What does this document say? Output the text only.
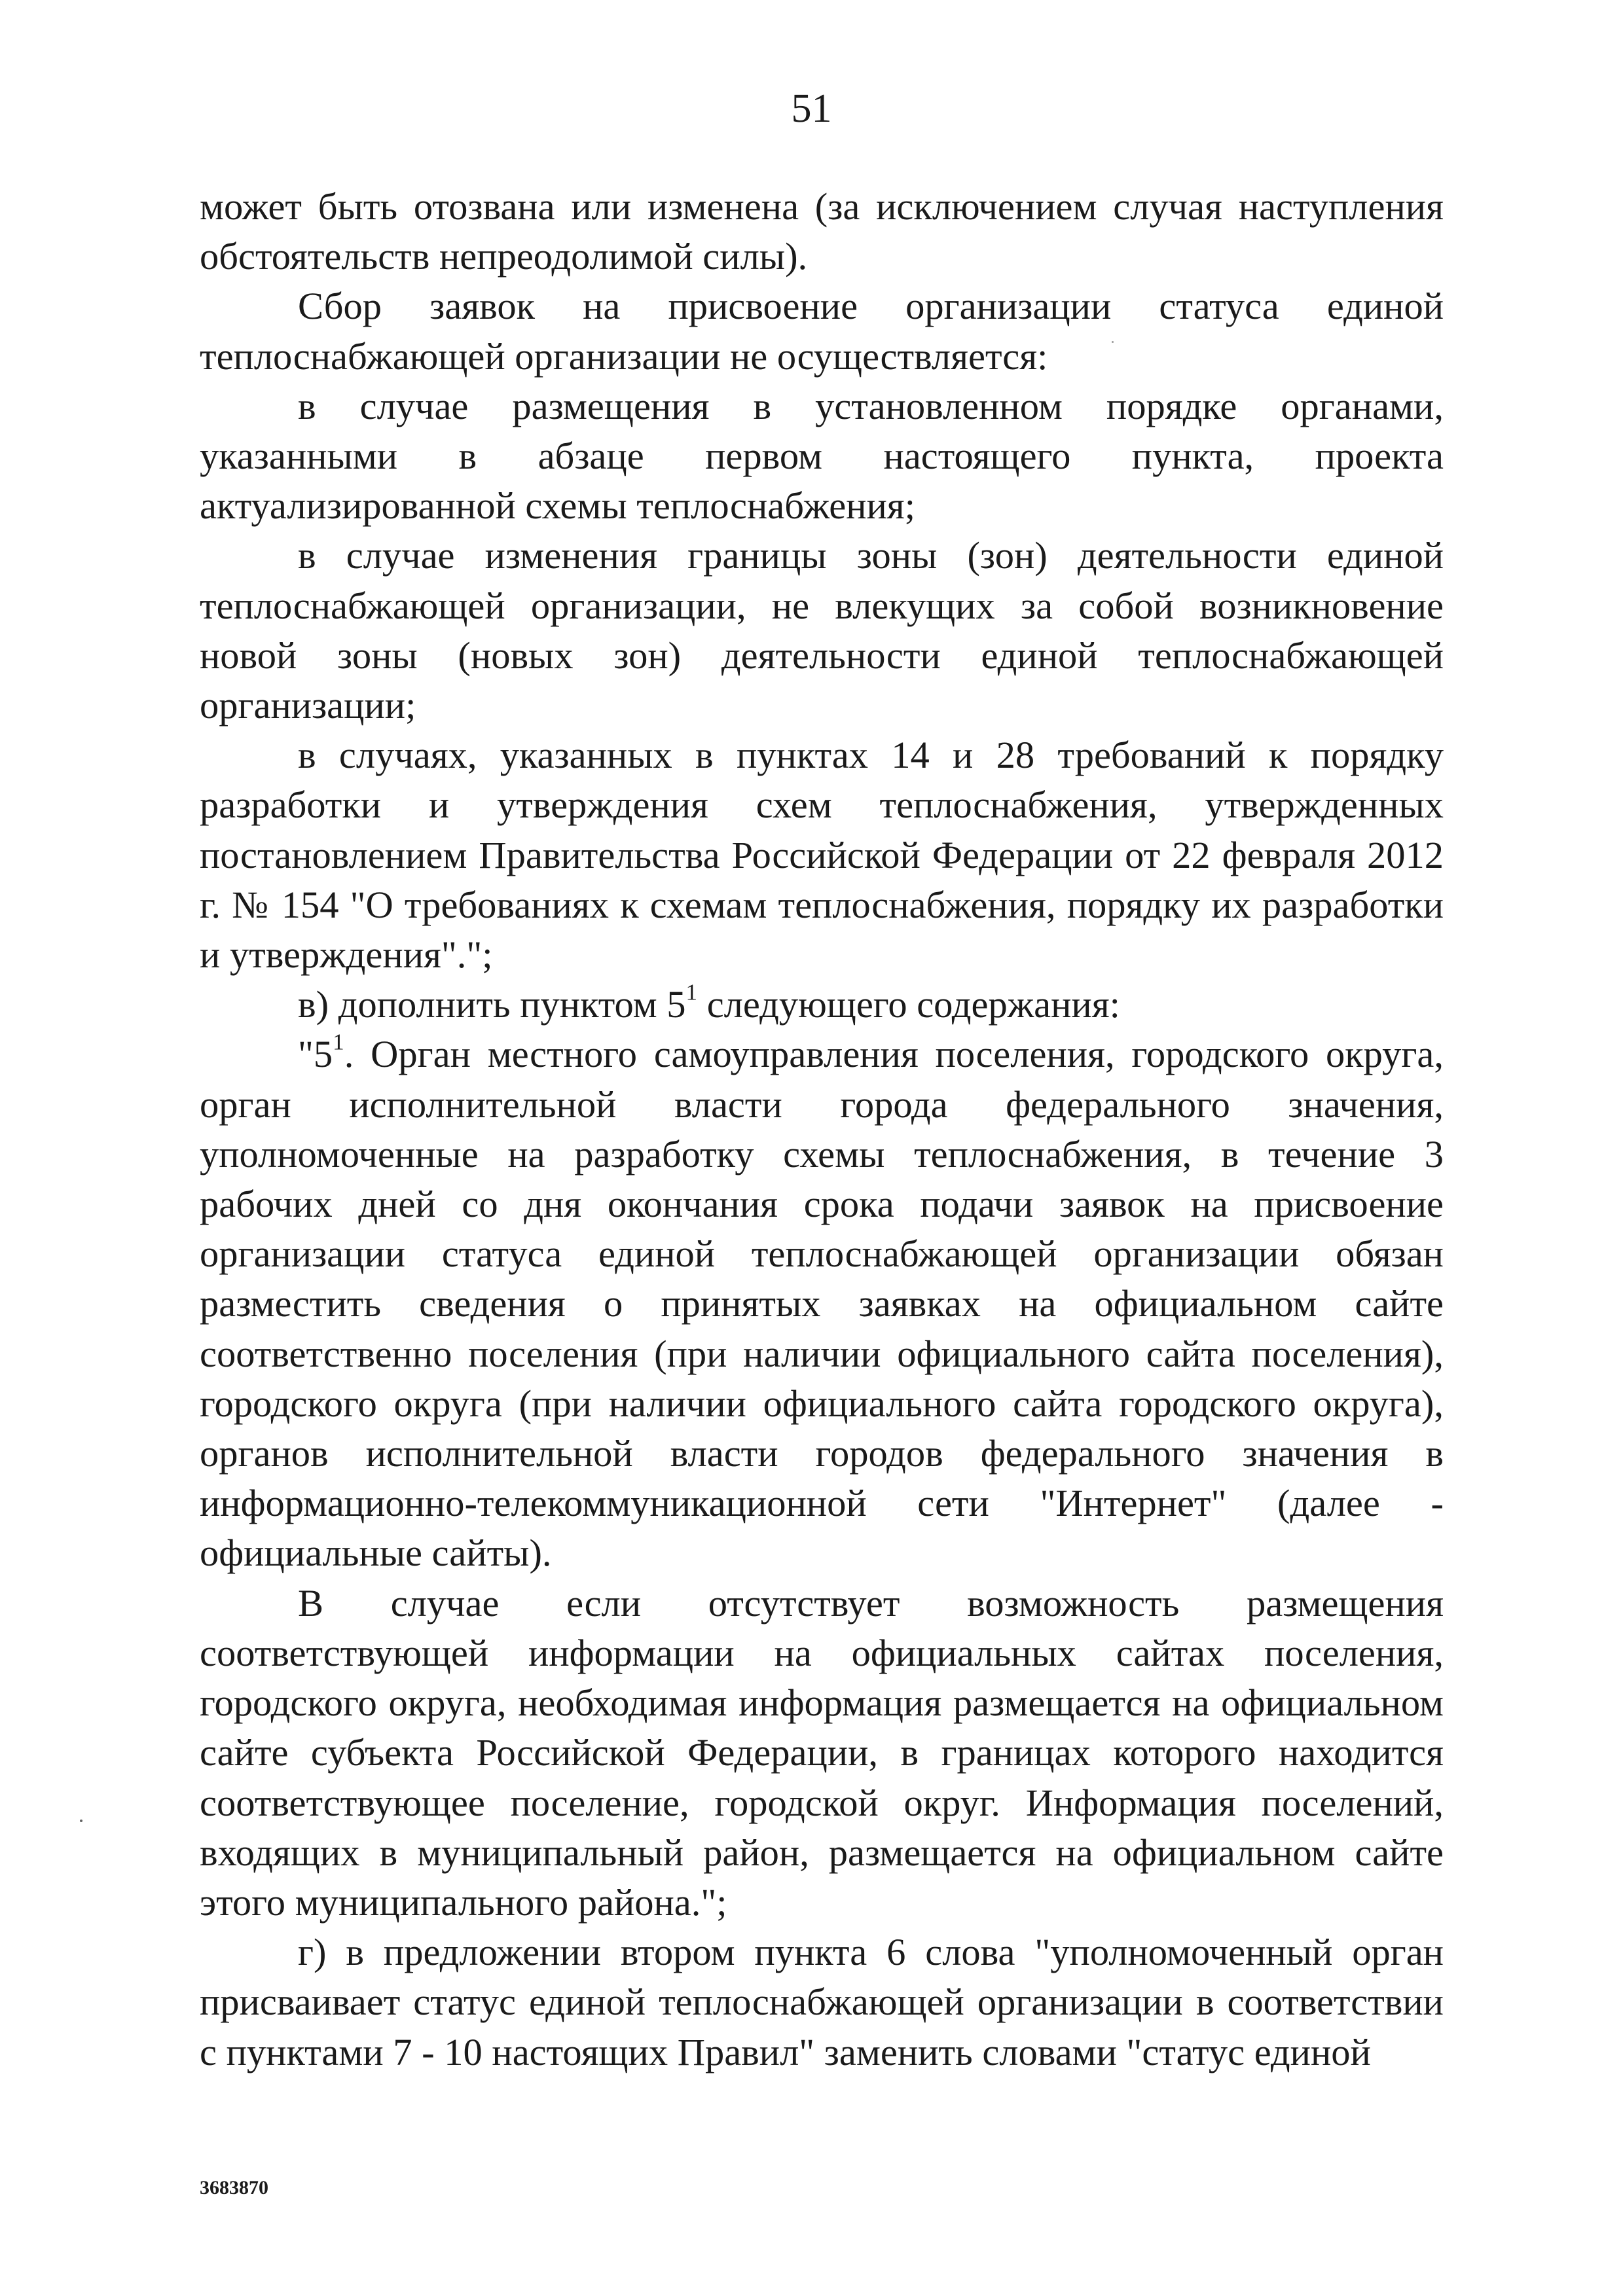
51

может быть отозвана или изменена (за исключением случая наступления обстоятельств непреодолимой силы).

Сбор заявок на присвоение организации статуса единой теплоснабжающей организации не осуществляется:

в случае размещения в установленном порядке органами, указанными в абзаце первом настоящего пункта, проекта актуализированной схемы теплоснабжения;

в случае изменения границы зоны (зон) деятельности единой теплоснабжающей организации, не влекущих за собой возникновение новой зоны (новых зон) деятельности единой теплоснабжающей организации;

в случаях, указанных в пунктах 14 и 28 требований к порядку разработки и утверждения схем теплоснабжения, утвержденных постановлением Правительства Российской Федерации от 22 февраля 2012 г. № 154 "О требованиях к схемам теплоснабжения, порядку их разработки и утверждения".";

в) дополнить пунктом $5^1$ следующего содержания:

"$5^1$. Орган местного самоуправления поселения, городского округа, орган исполнительной власти города федерального значения, уполномоченные на разработку схемы теплоснабжения, в течение 3 рабочих дней со дня окончания срока подачи заявок на присвоение организации статуса единой теплоснабжающей организации обязан разместить сведения о принятых заявках на официальном сайте соответственно поселения (при наличии официального сайта поселения), городского округа (при наличии официального сайта городского округа), органов исполнительной власти городов федерального значения в информационно-телекоммуникационной сети "Интернет" (далее - официальные сайты).

В случае если отсутствует возможность размещения соответствующей информации на официальных сайтах поселения, городского округа, необходимая информация размещается на официальном сайте субъекта Российской Федерации, в границах которого находится соответствующее поселение, городской округ. Информация поселений, входящих в муниципальный район, размещается на официальном сайте этого муниципального района.";

г) в предложении втором пункта 6 слова "уполномоченный орган присваивает статус единой теплоснабжающей организации в соответствии с пунктами 7 - 10 настоящих Правил" заменить словами "статус единой

3683870
